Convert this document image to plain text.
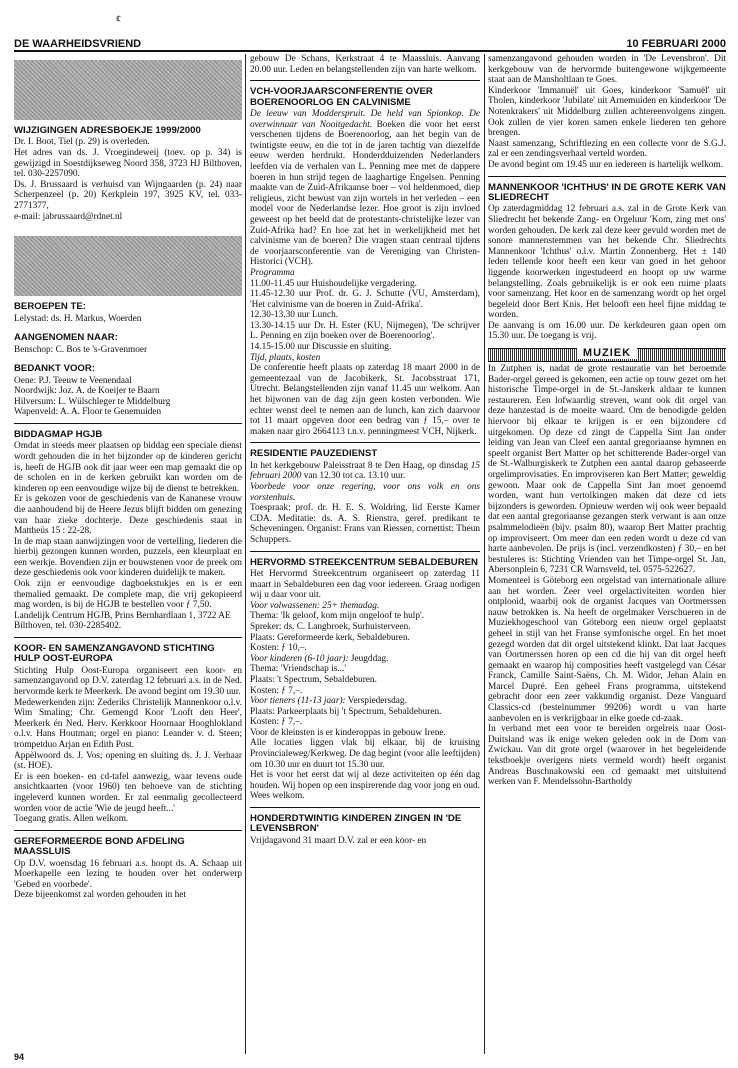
¢
DE WAARHEIDSVRIEND	10 FEBRUARI 2000
WIJZIGINGEN ADRESBOEKJE 1999/2000

Dr. I. Boot, Tiel (p. 29) is overleden.

Het adres van ds. J. Vroegindeweij (toev. op p. 34) is gewijzigd in Soestdijkseweg Noord 358, 3723 HJ Bilthoven, tel. 030-2257090.

Ds. J. Brussaard is verhuisd van Wijngaarden (p. 24) naar Scherpenzeel (p. 20) Kerkplein 197, 3925 KV, tel. 033-2771377,

e-mail: jabrussaard@rdnet.nl

BEROEPEN TE:

Lelystad: ds. H. Markus, Woerden

AANGENOMEN NAAR:

Benschop: C. Bos te 's-Gravenmoer

BEDANKT VOOR:

Oene: P.J. Teeuw te Veenendaal

Noordwijk: Joz. A. de Koeijer te Baarn

Hilversum: L. Wülschleger te Middelburg

Wapenveld: A. A. Floor te Genemuiden

BIDDAGMAP HGJB

Omdat in steeds meer plaatsen op biddag een speciale dienst wordt gehouden die in het bijzonder op de kinderen gericht is, heeft de HGJB ook dit jaar weer een map gemaakt die op de scholen en in de kerken gebruikt kan worden om de kinderen op een eenvoudige wijze bij de dienst te betrekken.

Er is gekozen voor de geschiedenis van de Kananese vrouw die aanhoudend bij de Heere Jezus blijft bidden om genezing van haar zieke dochterje. Deze geschiedenis staat in Mattheüs 15 : 22-28.

In de map staan aanwijzingen voor de vertelling, liederen die hierbij gezongen kunnen worden, puzzels, een kleurplaat en een werkje. Bovendien zijn er bouwstenen voor de preek om deze geschiedenis ook voor kinderen duidelijk te maken.

Ook zijn er eenvoudige dagboekstukjes en is er een themalied gemaakt. De complete map, die vrij gekopieerd mag worden, is bij de HGJB te bestellen voor ƒ 7,50.

Landelijk Centrum HGJB, Prins Bernhardlaan 1, 3722 AE Bilthoven, tel. 030-2285402.

KOOR- EN SAMENZANGAVOND STICHTING HULP OOST-EUROPA

Stichting Hulp Oost-Europa organiseert een koor- en samenzangavond op D.V. zaterdag 12 februari a.s. in de Ned. hervormde kerk te Meerkerk. De avond begint om 19.30 uur.

Medewerkenden zijn: Zederiks Christelijk Mannenkoor o.l.v. Wim Smaling; Chr. Gemengd Koor 'Looft den Heer', Meerkerk én Ned. Herv. Kerkkoor Hoornaar Hooghlokland o.l.v. Hans Houtman; orgel en piano: Leander v. d. Steen; trompetduo Arjan en Edith Post.

Appèlwoord ds. J. Vos; opening en sluiting ds. J. J. Verhaar (st. HOE).

Er is een boeken- en cd-tafel aanwezig, waar tevens oude ansichtkaarten (voor 1960) ten behoeve van de stichting ingeleverd kunnen worden. Er zal eenmalig gecollecteerd worden voor de actie 'Wie de jeugd heeft...'

Toegang gratis. Allen welkom.

GEREFORMEERDE BOND AFDELING MAASSLUIS

Op D.V. woensdag 16 februari a.s. hoopt ds. A. Schaap uit Moerkapelle een lezing te houden over het onderwerp 'Gebed en voorbede'.

Deze bijeenkomst zal worden gehouden in het

gebouw De Schans, Kerkstraat 4 te Maassluis. Aanvang 20.00 uur. Leden en belangstellenden zijn van harte welkom.

VCH-VOORJAARSCONFERENTIE OVER BOERENOORLOG EN CALVINISME

De leeuw van Modderspruit. De held van Spionkop. De overwinnaar van Nooitgedacht. Boeken die voor het eerst verschenen tijdens de Boerenoorlog, aan het begin van de twintigste eeuw, en die tot in de jaren tachtig van diezelfde eeuw werden herdrukt. Honderdduizenden Nederlanders leefden vía de verhalen van L. Penning mee met de dappere boeren in hun strijd tegen de laaghartige Engelsen. Penning maakte van de Zuid-Afrikaanse boer – vol heldenmoed, diep religieus, zicht bewust van zijn wortels in het verleden – een model voor de Nederlandse lezer. Hoe groot is zijn invloed geweest op het beeld dat de protestants-christelijke lezer van Zuid-Afrika had? En hoe zat het in werkelijkheid met het calvinisme van de boeren? Die vragen staan centraal tijdens de voorjaarsconferentie van de Vereniging van Christen-Historici (VCH).

Programma

11.00-11.45 uur Huishoudelijke vergadering.

11.45-12.30 uur Prof. dr. G. J. Schutte (VU, Amsterdam), 'Het calvinisme van de boeren in Zuid-Afrika'.

12.30-13.30 uur Lunch.

13.30-14.15 uur Dr. H. Ester (KU, Nijmegen), 'De schrijver L. Penning en zijn boeken over de Boerenoorlog'.

14.15-15.00 uur Discussie en sluiting.

Tijd, plaats, kosten

De conferentie heeft plaats op zaterdag 18 maart 2000 in de gemeentezaal van de Jacobikerk, St. Jacobsstraat 171, Utrecht. Belangstellenden zijn vanaf 11.45 uur welkom. Aan het bijwonen van de dag zijn geen kosten verbonden. Wie echter wenst deel te nemen aan de lunch, kan zich daarvoor tot 11 maart opgeven door een bedrag van ƒ 15,– over te maken naar giro 2664113 t.n.v. penningmeest VCH, Nijkerk.

RESIDENTIE PAUZEDIENST

In het kerkgebouw Paleisstraat 8 te Den Haag, op dinsdag 15 februari 2000 van 12.30 tot ca. 13.10 uur.

Voorbede voor onze regering, voor ons volk en ons vorstenhuis.

Toespraak: prof. dr. H. E. S. Woldring, lid Eerste Kamer CDA. Meditatie: ds. A. S. Rienstra, geref. predikant te Scheveningen. Organist: Frans van Riessen, cornettist: Theun Schuppers.

HERVORMD STREEKCENTRUM SEBALDEBUREN

Het Hervormd Streekcentrum organiseert op zaterdag 11 maart in Sebaldeburen een dag voor iedereen. Graag nodigen wij u daar voor uit.

Voor volwassenen: 25+ themadag.

Thema: 'Ik geloof, kom mijn ongeloof te hulp'.

Spreker: ds. C. Langbroek, Surhuisterveen.

Plaats: Gereformeerde kerk, Sebaldeburen.

Kosten: ƒ 10,–.

Voor kinderen (6-10 jaar): Jeugddag.

Thema: 'Vriendschap is...'

Plaats: 't Spectrum, Sebaldeburen.

Kosten: ƒ 7,–.

Voor tieners (11-13 jaar): Verspiedersdag.

Plaats: Parkeerplaats bij 't Spectrum, Sebaldeburen.

Kosten: ƒ 7,–.

Voor de kleinsten is er kinderoppas in gebouw Irene.

Alle locaties liggen vlak bij elkaar, bij de kruising Provincialeweg/Kerkweg. De dag begint (voor alle leeftijden) om 10.30 uur en duurt tot 15.30 uur.

Het is voor het eerst dat wij al deze activiteiten op één dag houden. Wij hopen op een inspirerende dag voor jong en oud. Wees welkom.

HONDERDTWINTIG KINDEREN ZINGEN IN 'DE LEVENSBRON'

Vrijdagavond 31 maart D.V. zal er een koor- en

samenzangavond gehouden worden in 'De Levensbron'. Dit kerkgebouw van de hervormde buitengewone wijkgemeente staat aan de Mansholtlaan te Goes.

Kinderkoor 'Immanuël' uit Goes, kinderkoor 'Samuël' uit Tholen, kinderkoor 'Jubilate' uit Arnemuiden en kinderkoor 'De Notenkrakers' uit Middelburg zullen achtereenvolgens zingen. Ook zullen de vier koren samen enkele liederen ten gehore brengen.

Naast samenzang, Schriftlezing en een collecte voor de S.G.J. zal er een zendingsverhaal verteld worden.

De avond begint om 19.45 uur en iedereen is hartelijk welkom.

MANNENKOOR 'ICHTHUS' IN DE GROTE KERK VAN SLIEDRECHT

Op zaterdagmiddag 12 februari a.s. zal in de Grote Kerk van Sliedrecht het bekende Zang- en Orgeluur 'Kom, zing met ons' worden gehouden. De kerk zal deze keer gevuld worden met de sonore mannenstemmen van het bekende Chr. Sliedrechts Mannenkoor 'Ichthus' o.l.v. Martin Zonnenberg. Het ± 140 leden tellende koor heeft een keur van goed in het gehoor liggende koorwerken ingestudeerd en hoopt op uw warme belangstelling. Zoals gebruikelijk is er ook een ruime plaats voor samenzang. Het koor en de samenzang wordt op het orgel begeleid door Bert Knis. Het belooft een heel fijne middag te worden.

De aanvang is om 16.00 uur. De kerkdeuren gaan open om 15.30 uur. De toegang is vrij.

MUZIEK

In Zutphen is, nadat de grote restauratie van het beroemde Bader-orgel gereed is gekomen, een actie op touw gezet om het historische Timpe-orgel in de St.-Janskerk aldaar te kunnen restaureren. Een lofwaardig streven, want ook dit orgel van deze hanzestad is de moeite waard. Om de benodigde gelden hiervoor bij elkaar te krijgen is er een bijzondere cd uitgekomen. Op deze cd zingt de Cappella Sint Jan onder leiding van Jean van Cleef een aantal gregoriaanse hymnen en speelt organist Bert Matter op het schitterende Bader-orgel van de St.-Walburgiskerk te Zutphen een aantal daarop gebaseerde orgelimprovisaties. En improviseren kan Bert Matter; geweldig gewoon. Maar ook de Cappella Sint Jan moet genoemd worden, want hun vertolkingen maken dat deze cd iets bijzonders is geworden. Opnieuw werden wij ook weer bepaald dat een aantal gregoriaanse gezangen sterk verwant is aan onze psalmmelodieën (bijv. psalm 80), waarop Bert Matter prachtig op improviseert. Om meer dan een reden wordt u deze cd van harte aanbevolen. De prijs is (incl. verzendkosten) ƒ 30,– en het bestuleres is: Stichting Vrienden van het Timpe-orgel St. Jan, Abersonplein 6, 7231 CR Warnsveld, tel. 0575-522627.

Momenteel is Göteborg een orgelstad van internationale allure aan het worden. Zeer veel orgelactiviteiten worden hier ontplooid, waarbij ook de organist Jacques van Oortmerssen nauw betrokken is. Na heeft de orgelmaker Verschueren in de Muziekhogeschool van Göteborg een nieuw orgel geplaatst geheel in stijl van het Franse symfonische orgel. En het moet gezegd worden dat dit orgel uitstekend klinkt. Dat laat Jacques van Oortmerssen horen op een cd die hij van dit orgel heeft gemaakt en waarop hij composities heeft vastgelegd van César Franck, Camille Saint-Saëns, Ch. M. Widor, Jehan Alain en Marcel Dupré. Een geheel Frans programma, uitstekend gebracht door een zeer vakkundig organist. Deze Vanguard Classics-cd (bestelnummer 99206) wordt u van harte aanbevolen en is verkrijgbaar in elke goede cd-zaak.

In verband met een voor te bereiden orgelreis naar Oost-Duitsland was ik enige weken geleden ook in de Dom van Zwickau. Van dit grote orgel (waarover in het begeleidende tekstboekje overigens niets vermeld wordt) heeft organist Andreas Buschnakowski een cd gemaakt met uitsluitend werken van F. Mendelssohn-Bartholdy

94
